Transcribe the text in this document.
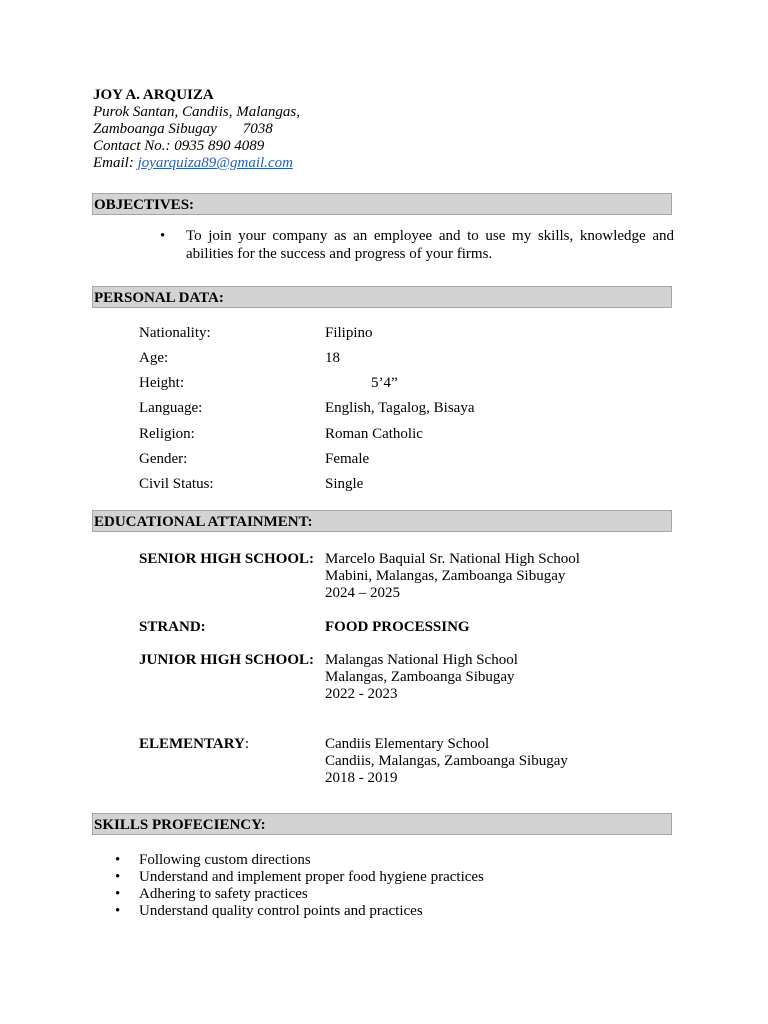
JOY A. ARQUIZA
Purok Santan, Candiis, Malangas,
Zamboanga Sibugay 7038
Contact No.: 0935 890 4089
Email: joyarquiza89@gmail.com
OBJECTIVES:
•	To join your company as an employee and to use my skills, knowledge and abilities for the success and progress of your firms.
PERSONAL DATA:
Nationality:	Filipino
Age:	18
Height:	5’4”
Language:	English, Tagalog, Bisaya
Religion:	Roman Catholic
Gender:	Female
Civil Status:	Single
EDUCATIONAL ATTAINMENT:
SENIOR HIGH SCHOOL: Marcelo Baquial Sr. National High School
Mabini, Malangas, Zamboanga Sibugay
2024 – 2025
STRAND:	FOOD PROCESSING
JUNIOR HIGH SCHOOL: Malangas National High School
Malangas, Zamboanga Sibugay
2022 - 2023
ELEMENTARY:	Candiis Elementary School
Candiis, Malangas, Zamboanga Sibugay
2018 - 2019
SKILLS PROFECIENCY:
•	Following custom directions
•	Understand and implement proper food hygiene practices
•	Adhering to safety practices
•	Understand quality control points and practices
